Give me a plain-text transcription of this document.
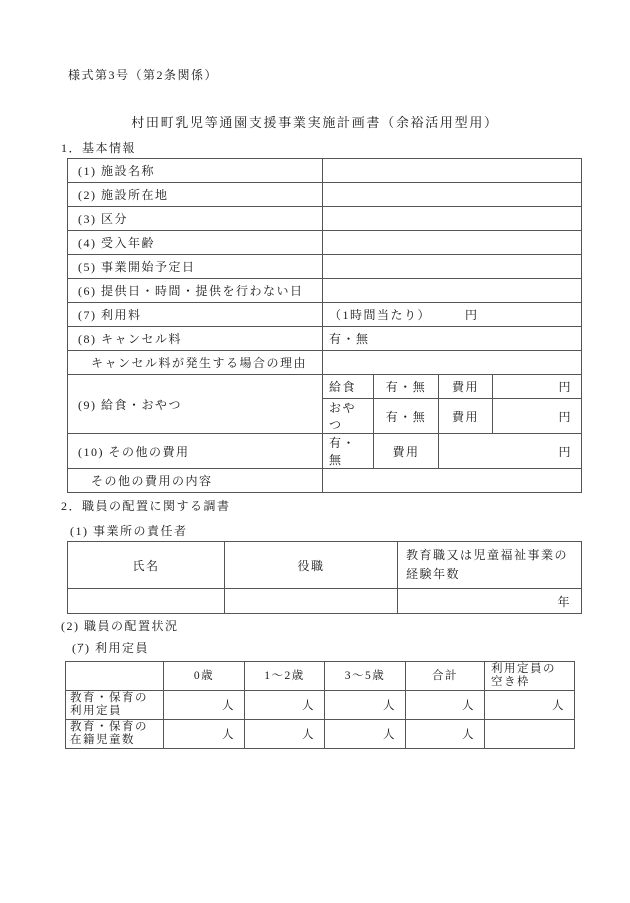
様式第3号（第2条関係）
村田町乳児等通園支援事業実施計画書（余裕活用型用）
1．基本情報
(1) 施設名称				
(2) 施設所在地				
(3) 区分				
(4) 受入年齢				
(5) 事業開始予定日				
(6) 提供日・時間・提供を行わない日				
(7) 利用料	（1時間当たり） 円			
(8) キャンセル料	有・無			
キャンセル料が発生する場合の理由				
(9) 給食・おやつ	給食	有・無	費用	円
	おやつ	有・無	費用	円
(10) その他の費用	有・無	費用	円	
その他の費用の内容				
2．職員の配置に関する調書
(1) 事業所の責任者
氏名	役職	教育職又は児童福祉事業の経験年数
		年
(2) 職員の配置状況
(ｱ) 利用定員
	0歳	1～2歳	3～5歳	合計	利用定員の空き枠
教育・保育の利用定員	人	人	人	人	人
教育・保育の在籍児童数	人	人	人	人	
